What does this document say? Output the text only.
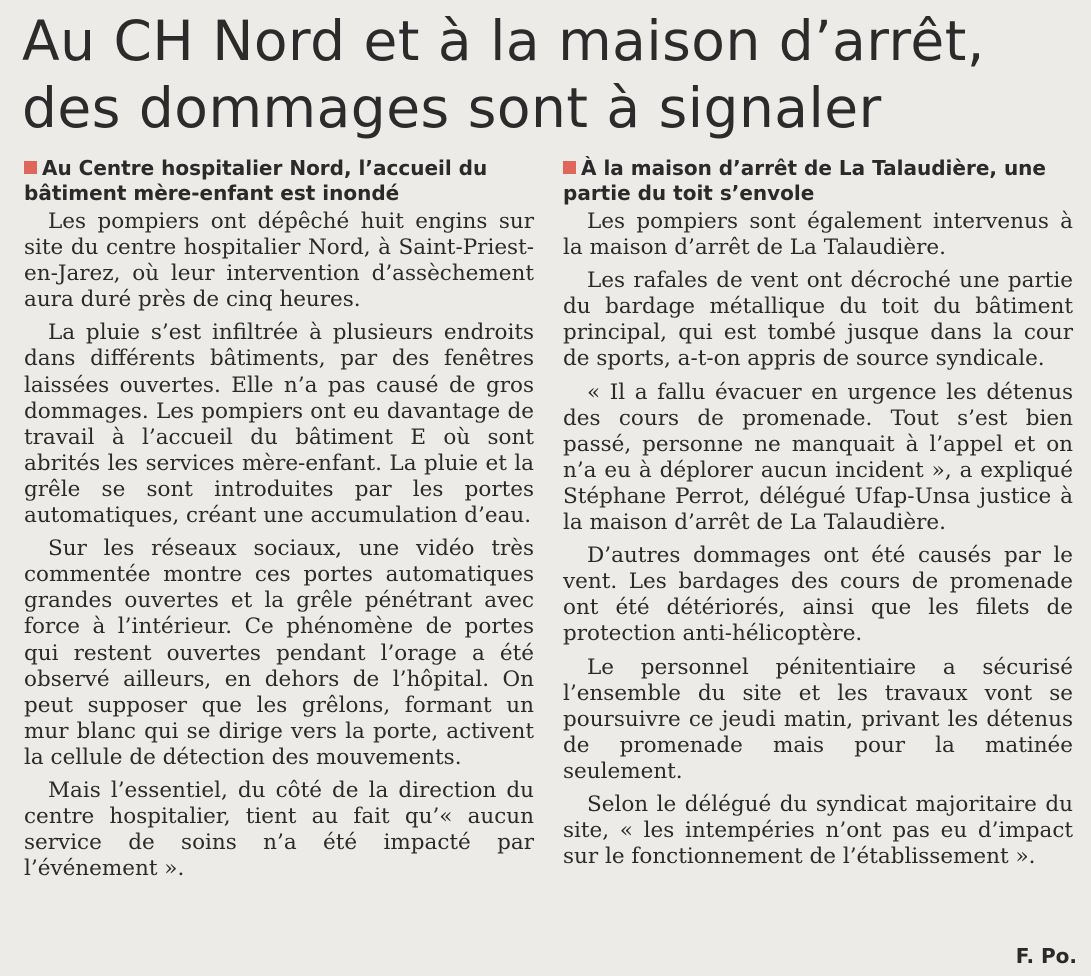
Au CH Nord et à la maison d’arrêt, des dommages sont à signaler
Au Centre hospitalier Nord, l’accueil du bâtiment mère-enfant est inondé

Les pompiers ont dépêché huit engins sur site du centre hospitalier Nord, à Saint-Priest-en-Jarez, où leur intervention d’assèchement aura duré près de cinq heures.

La pluie s’est infiltrée à plusieurs endroits dans différents bâtiments, par des fenêtres laissées ouvertes. Elle n’a pas causé de gros dommages. Les pompiers ont eu davantage de travail à l’accueil du bâtiment E où sont abrités les services mère-enfant. La pluie et la grêle se sont introduites par les portes automatiques, créant une accumulation d’eau.

Sur les réseaux sociaux, une vidéo très commentée montre ces portes automatiques grandes ouvertes et la grêle pénétrant avec force à l’intérieur. Ce phénomène de portes qui restent ouvertes pendant l’orage a été observé ailleurs, en dehors de l’hôpital. On peut supposer que les grêlons, formant un mur blanc qui se dirige vers la porte, activent la cellule de détection des mouvements.

Mais l’essentiel, du côté de la direction du centre hospitalier, tient au fait qu’« aucun service de soins n’a été impacté par l’événement ».

À la maison d’arrêt de La Talaudière, une partie du toit s’envole

Les pompiers sont également intervenus à la maison d’arrêt de La Talaudière.

Les rafales de vent ont décroché une partie du bardage métallique du toit du bâtiment principal, qui est tombé jusque dans la cour de sports, a-t-on appris de source syndicale.

« Il a fallu évacuer en urgence les détenus des cours de promenade. Tout s’est bien passé, personne ne manquait à l’appel et on n’a eu à déplorer aucun incident », a expliqué Stéphane Perrot, délégué Ufap-Unsa justice à la maison d’arrêt de La Talaudière.

D’autres dommages ont été causés par le vent. Les bardages des cours de promenade ont été détériorés, ainsi que les filets de protection anti-hélicoptère.

Le personnel pénitentiaire a sécurisé l’ensemble du site et les travaux vont se poursuivre ce jeudi matin, privant les détenus de promenade mais pour la matinée seulement.

Selon le délégué du syndicat majoritaire du site, « les intempéries n’ont pas eu d’impact sur le fonctionnement de l’établissement ».

F. Po.
